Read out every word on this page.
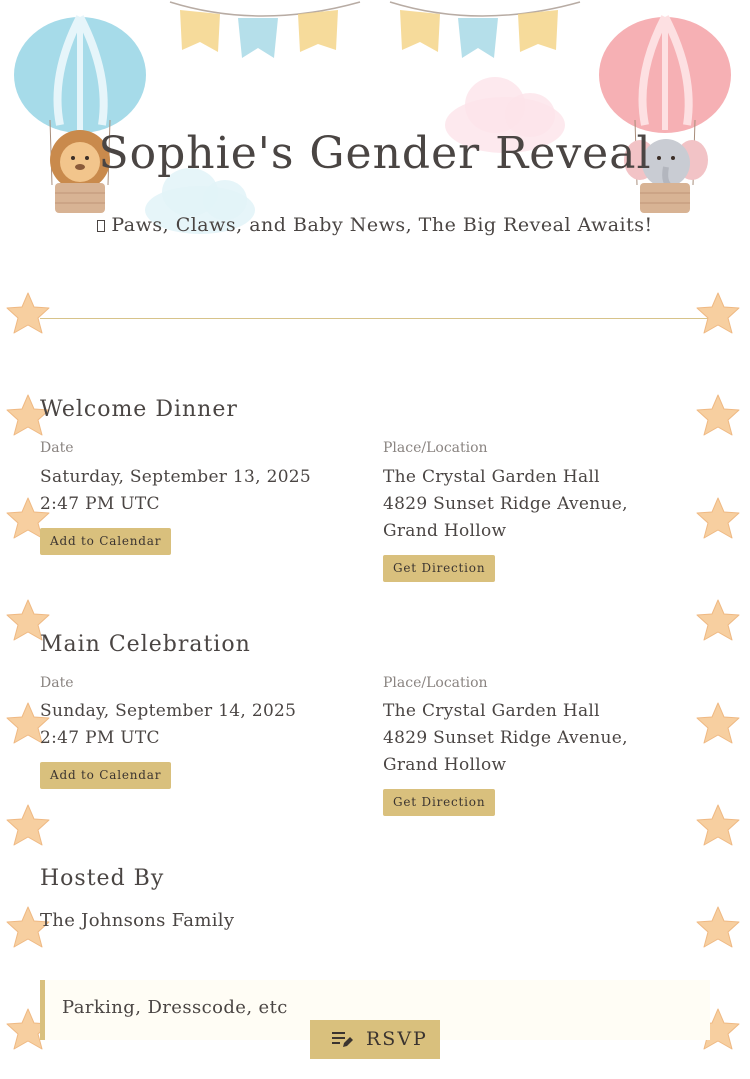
Sophie's Gender Reveal
Paws, Claws, and Baby News, The Big Reveal Awaits!
Welcome Dinner
Date
Saturday, September 13, 2025
2:47 PM UTC
Add to Calendar
Place/Location
The Crystal Garden Hall
4829 Sunset Ridge Avenue, Grand Hollow
Get Direction
Main Celebration
Date
Sunday, September 14, 2025
2:47 PM UTC
Add to Calendar
Place/Location
The Crystal Garden Hall
4829 Sunset Ridge Avenue, Grand Hollow
Get Direction
Hosted By
The Johnsons Family
Parking, Dresscode, etc
RSVP
